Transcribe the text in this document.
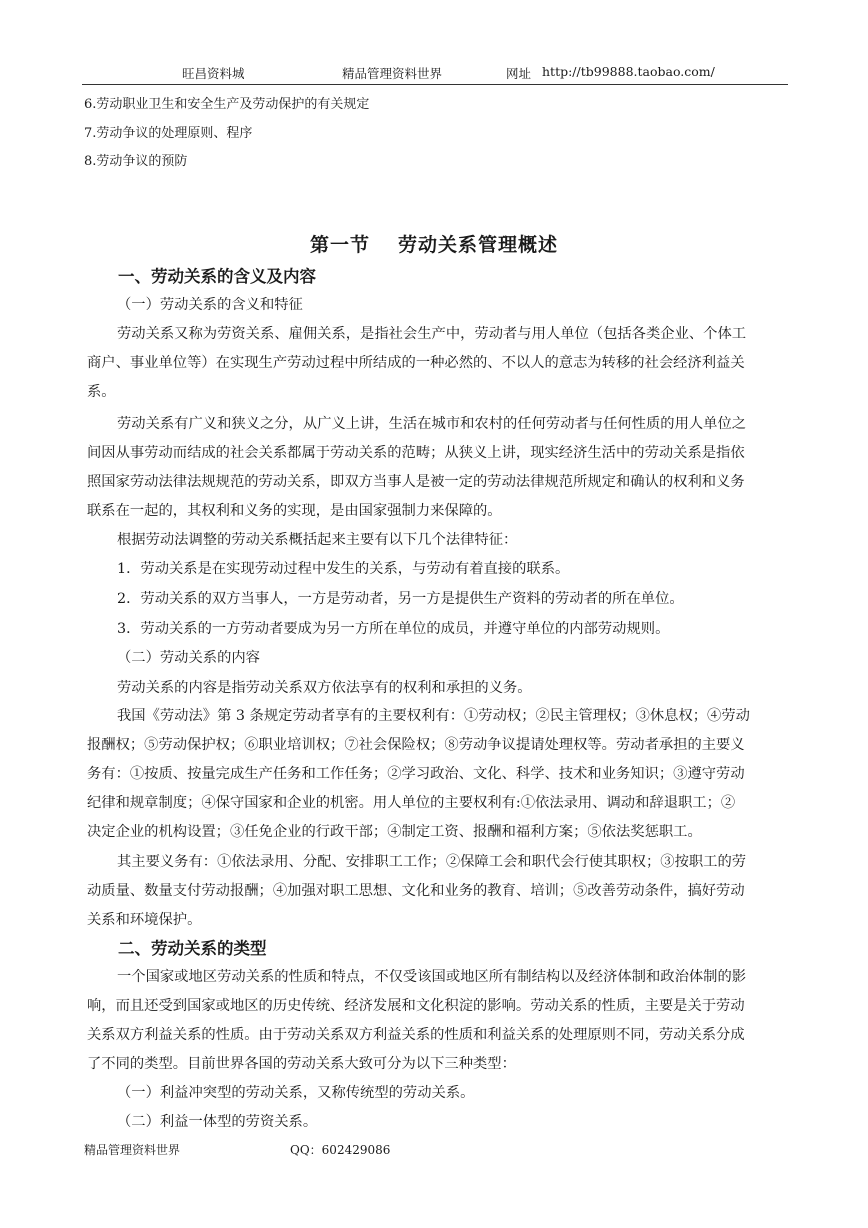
旺昌资料城	精品管理资料世界	网址 http://tb99888.taobao.com/
6.劳动职业卫生和安全生产及劳动保护的有关规定
7.劳动争议的处理原则、程序
8.劳动争议的预防
第一节 劳动关系管理概述
一、劳动关系的含义及内容
（一）劳动关系的含义和特征
劳动关系又称为劳资关系、雇佣关系，是指社会生产中，劳动者与用人单位（包括各类企业、个体工
商户、事业单位等）在实现生产劳动过程中所结成的一种必然的、不以人的意志为转移的社会经济利益关
系。
劳动关系有广义和狭义之分，从广义上讲，生活在城市和农村的任何劳动者与任何性质的用人单位之
间因从事劳动而结成的社会关系都属于劳动关系的范畴；从狭义上讲，现实经济生活中的劳动关系是指依
照国家劳动法律法规规范的劳动关系，即双方当事人是被一定的劳动法律规范所规定和确认的权利和义务
联系在一起的，其权利和义务的实现，是由国家强制力来保障的。
根据劳动法调整的劳动关系概括起来主要有以下几个法律特征：
1．劳动关系是在实现劳动过程中发生的关系，与劳动有着直接的联系。
2．劳动关系的双方当事人，一方是劳动者，另一方是提供生产资料的劳动者的所在单位。
3．劳动关系的一方劳动者要成为另一方所在单位的成员，并遵守单位的内部劳动规则。
（二）劳动关系的内容
劳动关系的内容是指劳动关系双方依法享有的权利和承担的义务。
我国《劳动法》第 3 条规定劳动者享有的主要权利有：①劳动权；②民主管理权；③休息权；④劳动
报酬权；⑤劳动保护权；⑥职业培训权；⑦社会保险权；⑧劳动争议提请处理权等。劳动者承担的主要义
务有：①按质、按量完成生产任务和工作任务；②学习政治、文化、科学、技术和业务知识；③遵守劳动
纪律和规章制度；④保守国家和企业的机密。用人单位的主要权利有:①依法录用、调动和辞退职工；②
决定企业的机构设置；③任免企业的行政干部；④制定工资、报酬和福利方案；⑤依法奖惩职工。
其主要义务有：①依法录用、分配、安排职工工作；②保障工会和职代会行使其职权；③按职工的劳
动质量、数量支付劳动报酬；④加强对职工思想、文化和业务的教育、培训；⑤改善劳动条件，搞好劳动
关系和环境保护。
二、劳动关系的类型
一个国家或地区劳动关系的性质和特点，不仅受该国或地区所有制结构以及经济体制和政治体制的影
响，而且还受到国家或地区的历史传统、经济发展和文化积淀的影响。劳动关系的性质，主要是关于劳动
关系双方利益关系的性质。由于劳动关系双方利益关系的性质和利益关系的处理原则不同，劳动关系分成
了不同的类型。目前世界各国的劳动关系大致可分为以下三种类型：
（一）利益冲突型的劳动关系，又称传统型的劳动关系。
（二）利益一体型的劳资关系。
精品管理资料世界	QQ：602429086
